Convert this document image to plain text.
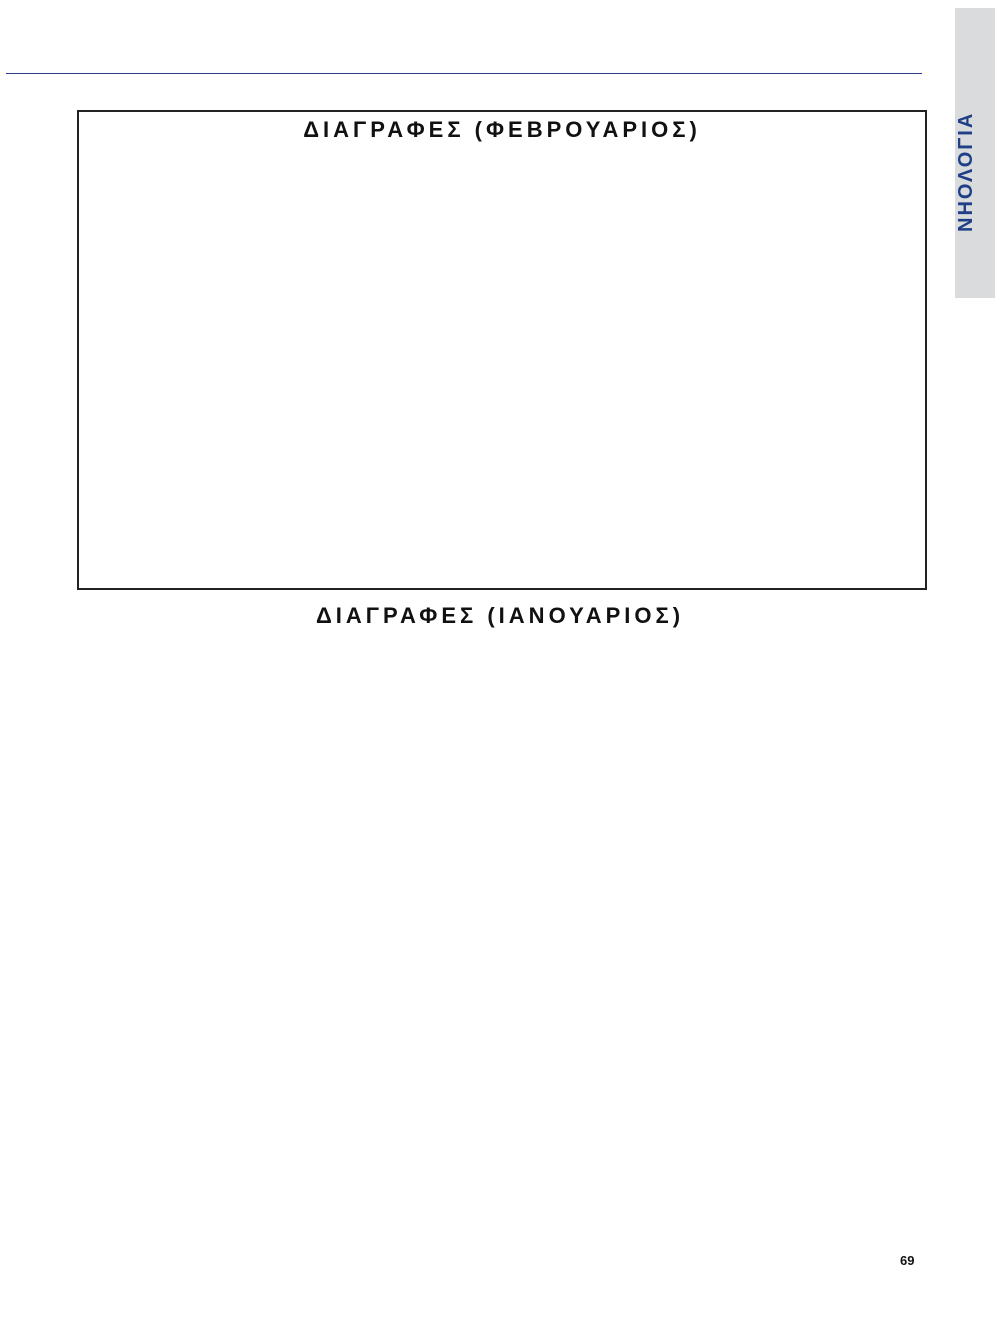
ΝΗΟΛΟΓΙΑ
ΔΙΑΓΡΑΦΕΣ (ΦΕΒΡΟΥΑΡΙΟΣ)
ΔΙΑΓΡΑΦΕΣ (ΙΑΝΟΥΑΡΙΟΣ)
69
